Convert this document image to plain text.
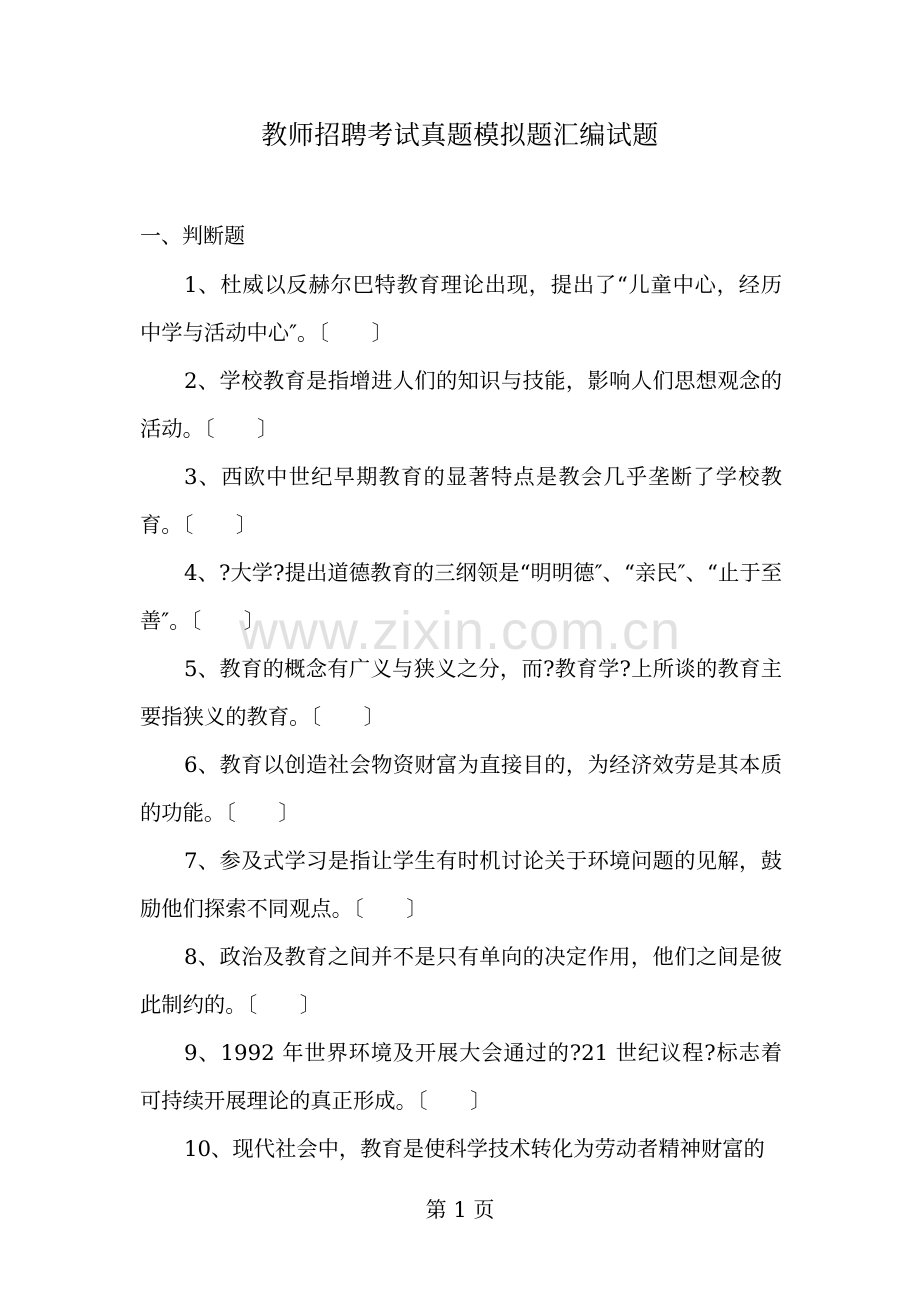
教师招聘考试真题模拟题汇编试题
一、判断题
1、杜威以反赫尔巴特教育理论出现，提出了“儿童中心，经历中学与活动中心″。〔　　〕
2、学校教育是指增进人们的知识与技能，影响人们思想观念的活动。〔　　〕
3、西欧中世纪早期教育的显著特点是教会几乎垄断了学校教育。〔　　〕
4、?大学?提出道德教育的三纲领是“明明德″、“亲民″、“止于至善″。〔　　〕
5、教育的概念有广义与狭义之分，而?教育学?上所谈的教育主要指狭义的教育。〔　　〕
6、教育以创造社会物资财富为直接目的，为经济效劳是其本质的功能。〔　　〕
7、参及式学习是指让学生有时机讨论关于环境问题的见解，鼓励他们探索不同观点。〔　　〕
8、政治及教育之间并不是只有单向的决定作用，他们之间是彼此制约的。〔　　〕
9、1992 年世界环境及开展大会通过的?21 世纪议程?标志着可持续开展理论的真正形成。〔　　〕
10、现代社会中，教育是使科学技术转化为劳动者精神财富的
www.zixin.com.cn
第 1 页
